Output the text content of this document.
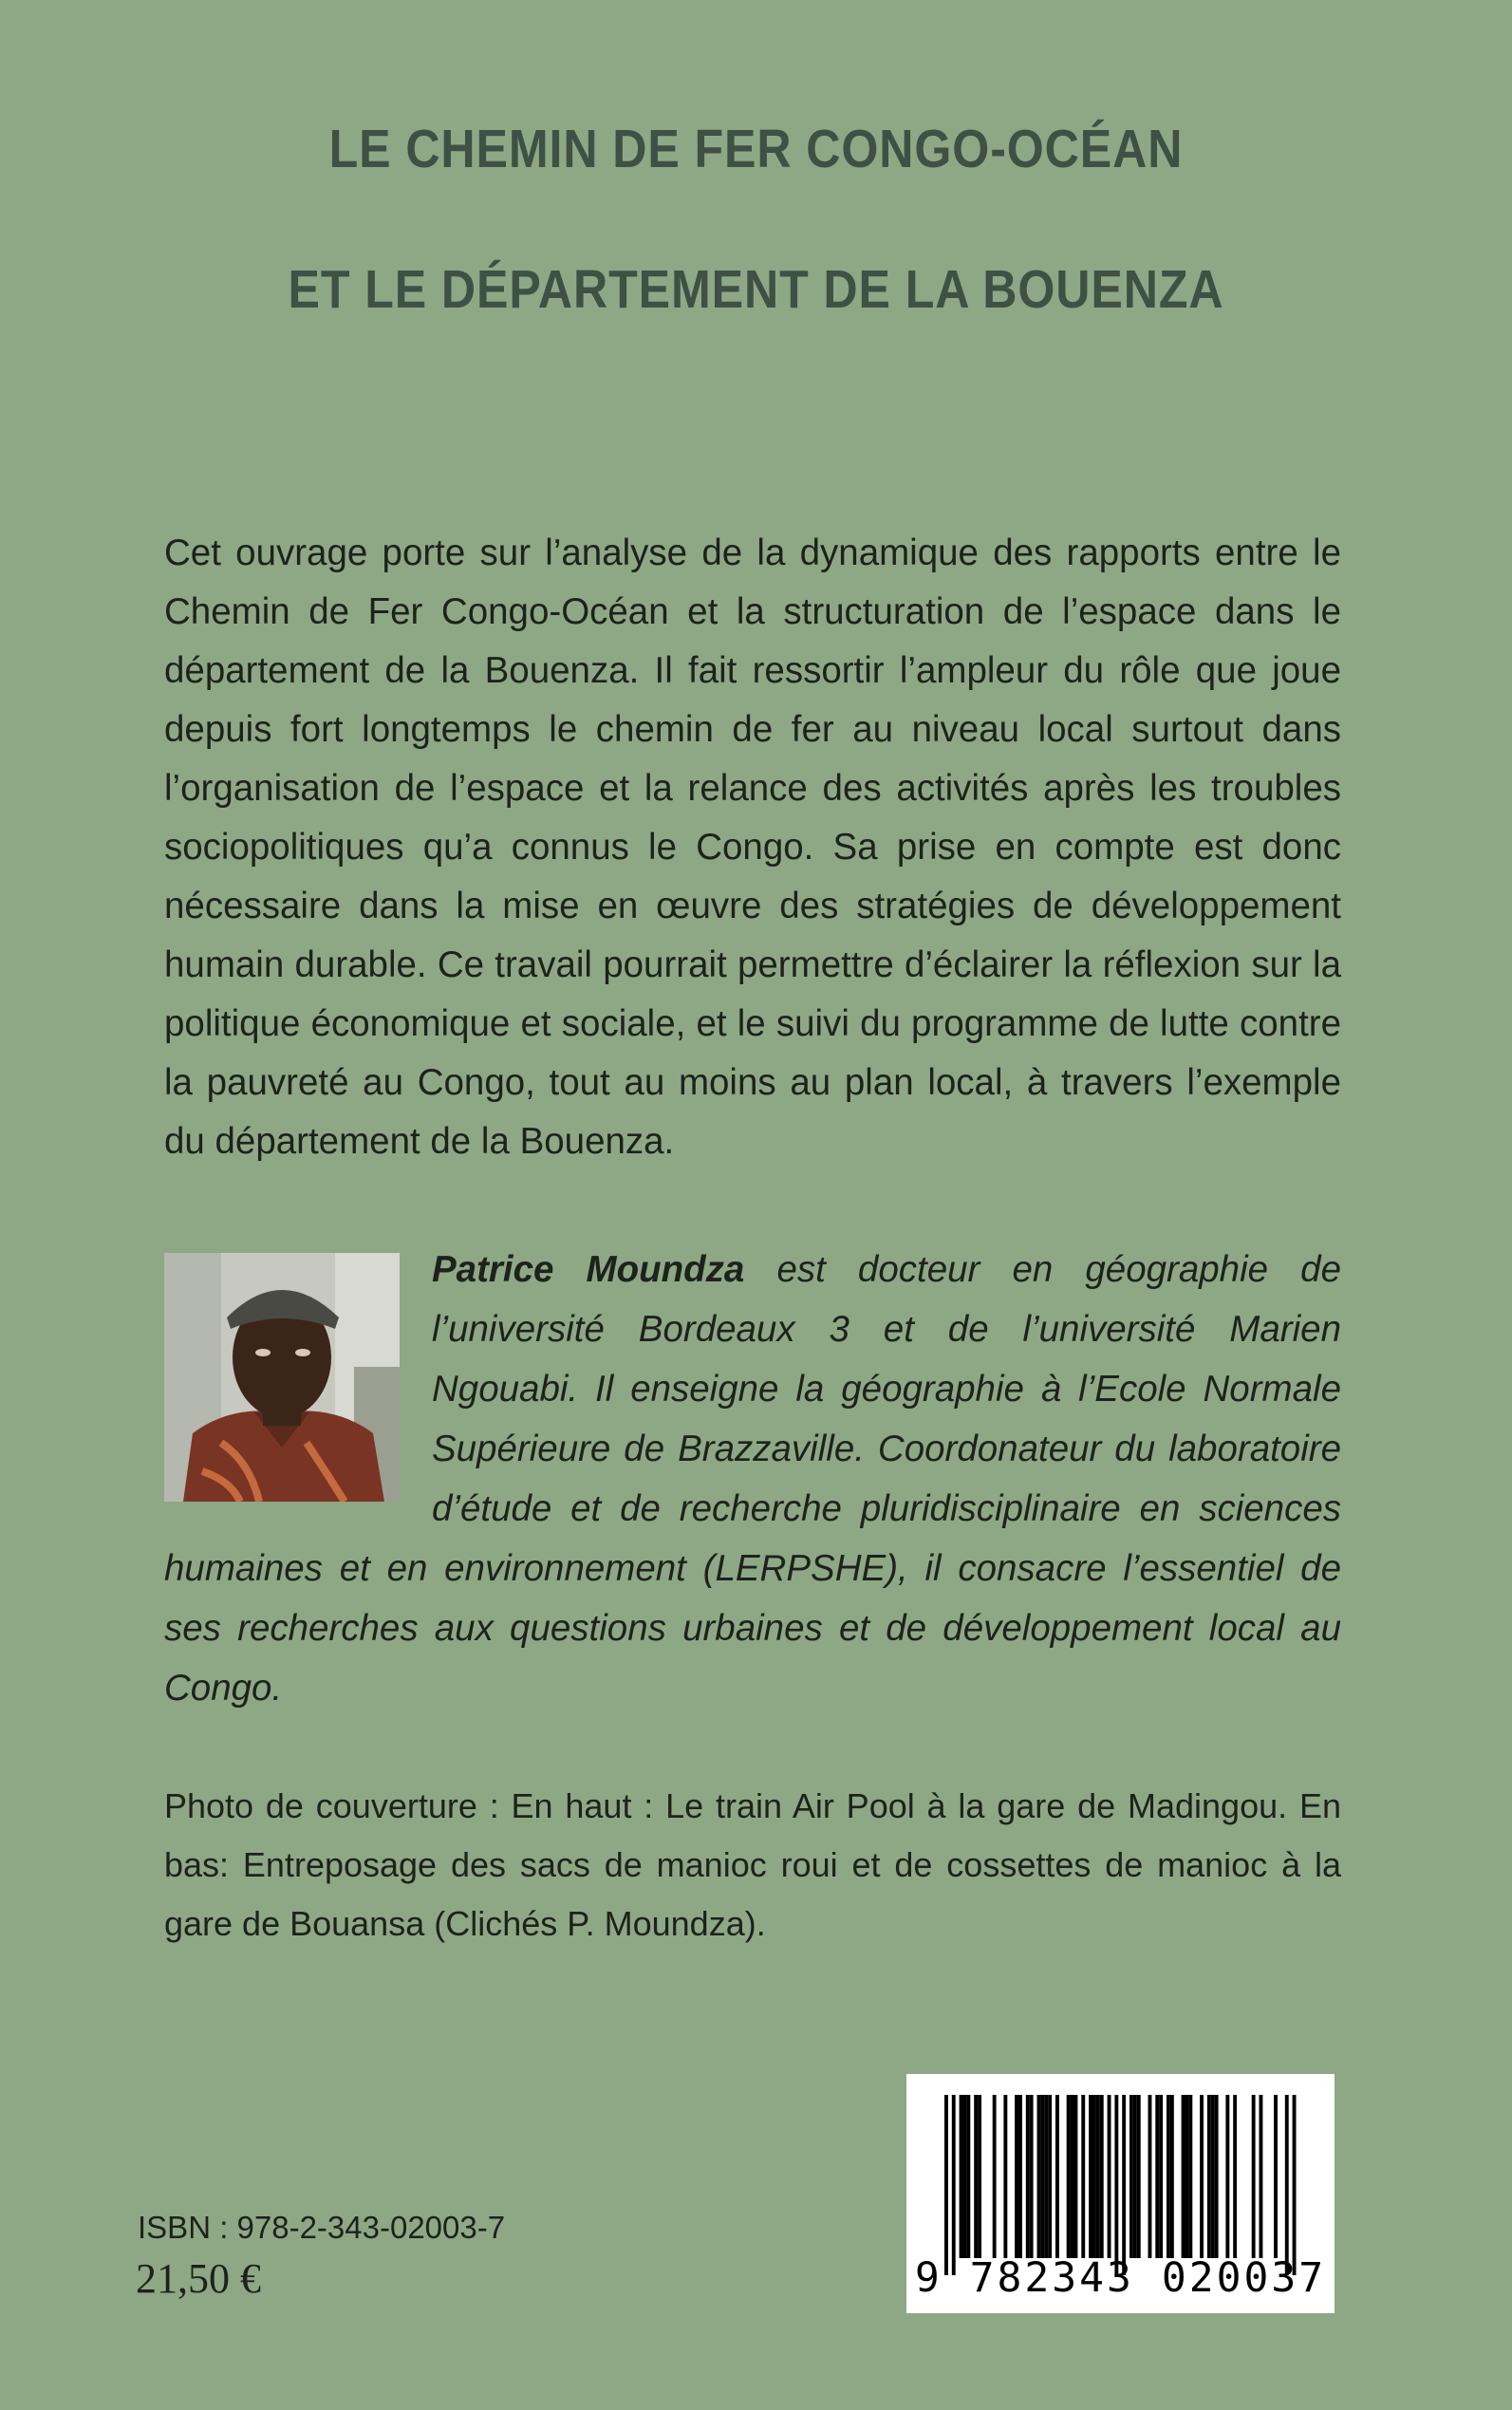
LE CHEMIN DE FER CONGO-OCÉAN
ET LE DÉPARTEMENT DE LA BOUENZA

Cet ouvrage porte sur l’analyse de la dynamique des rapports entre le Chemin de Fer Congo-Océan et la structuration de l’espace dans le département de la Bouenza. Il fait ressortir l’ampleur du rôle que joue depuis fort longtemps le chemin de fer au niveau local surtout dans l’organisation de l’espace et la relance des activités après les troubles sociopolitiques qu’a connus le Congo. Sa prise en compte est donc nécessaire dans la mise en œuvre des stratégies de développement humain durable. Ce travail pourrait permettre d’éclairer la réflexion sur la politique économique et sociale, et le suivi du programme de lutte contre la pauvreté au Congo, tout au moins au plan local, à travers l’exemple du département de la Bouenza.

Patrice Moundza est docteur en géographie de l’université Bordeaux 3 et de l’université Marien Ngouabi. Il enseigne la géographie à l’Ecole Normale Supérieure de Brazzaville. Coordonateur du laboratoire d’étude et de recherche pluridisciplinaire en sciences humaines et en environnement (LERPSHE), il consacre l’essentiel de ses recherches aux questions urbaines et de développement local au Congo.

Photo de couverture : En haut : Le train Air Pool à la gare de Madingou. En bas: Entreposage des sacs de manioc roui et de cossettes de manioc à la gare de Bouansa (Clichés P. Moundza).

ISBN : 978-2-343-02003-7
21,50 €	9 782343 020037
